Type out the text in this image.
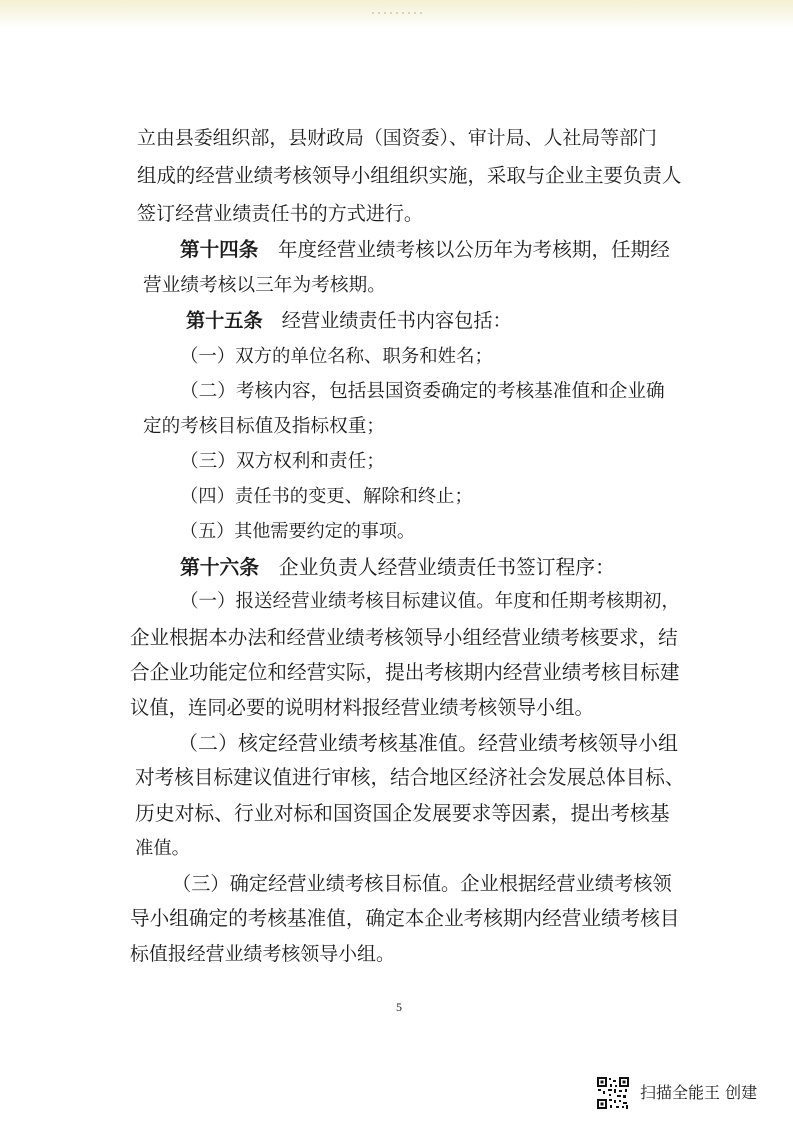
立由县委组织部，县财政局（国资委）、审计局、人社局等部门

组成的经营业绩考核领导小组组织实施，采取与企业主要负责人

签订经营业绩责任书的方式进行。

第十四条　年度经营业绩考核以公历年为考核期，任期经

营业绩考核以三年为考核期。

第十五条　经营业绩责任书内容包括：

（一）双方的单位名称、职务和姓名；

（二）考核内容，包括县国资委确定的考核基准值和企业确

定的考核目标值及指标权重；

（三）双方权利和责任；

（四）责任书的变更、解除和终止；

（五）其他需要约定的事项。

第十六条　企业负责人经营业绩责任书签订程序：

（一）报送经营业绩考核目标建议值。年度和任期考核期初，

企业根据本办法和经营业绩考核领导小组经营业绩考核要求，结

合企业功能定位和经营实际，提出考核期内经营业绩考核目标建

议值，连同必要的说明材料报经营业绩考核领导小组。

（二）核定经营业绩考核基准值。经营业绩考核领导小组

对考核目标建议值进行审核，结合地区经济社会发展总体目标、

历史对标、行业对标和国资国企发展要求等因素，提出考核基

准值。

（三）确定经营业绩考核目标值。企业根据经营业绩考核领

导小组确定的考核基准值，确定本企业考核期内经营业绩考核目

标值报经营业绩考核领导小组。

5

扫描全能王 创建
